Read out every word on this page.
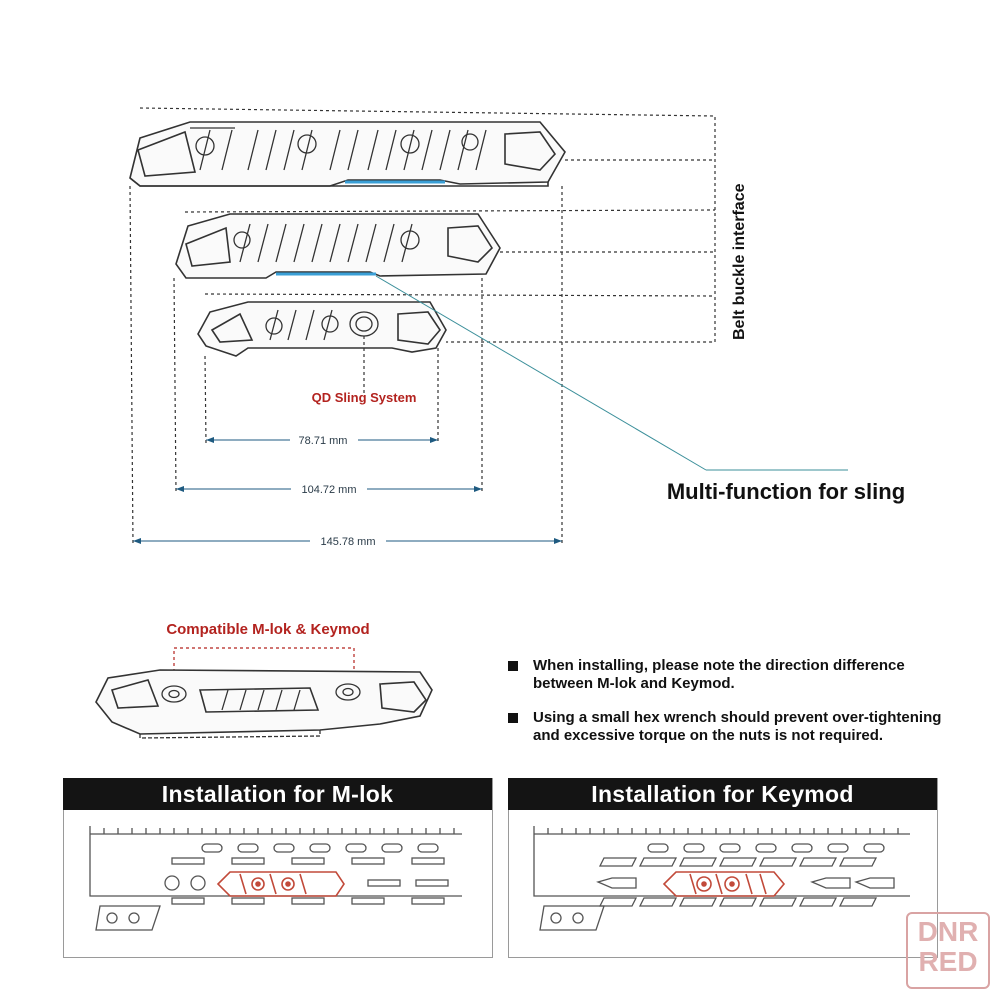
78.71 mm
104.72 mm
145.78 mm
QD Sling System
Belt buckle interface
Multi-function for sling
Compatible M-lok & Keymod
When installing, please note the direction difference between M-lok and Keymod.
Using a small hex wrench should prevent over-tightening and excessive torque on the nuts is not required.
Installation for M-lok	Installation for Keymod
DNR RED
